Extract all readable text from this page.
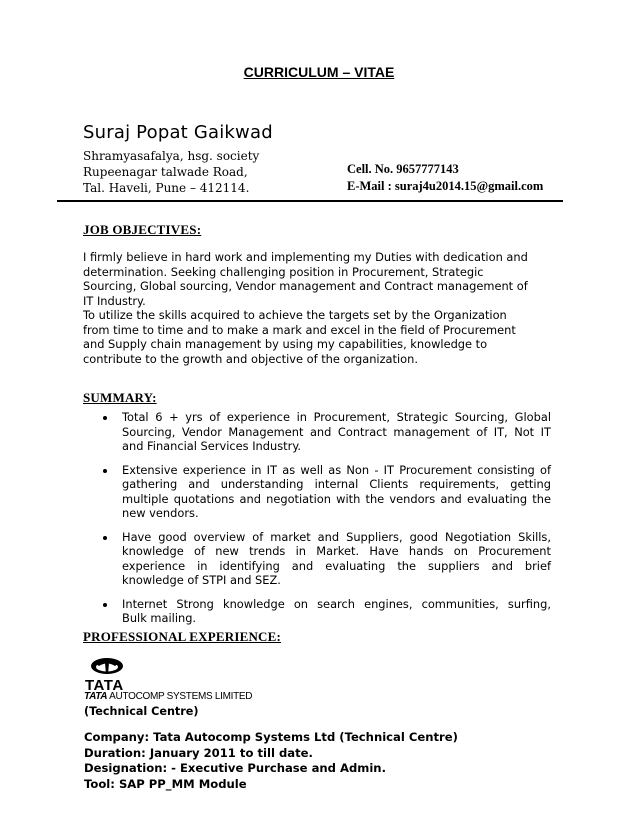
CURRICULUM – VITAE
Suraj Popat Gaikwad
Shramyasafalya, hsg. society
Rupeenagar talwade Road,
Tal. Haveli, Pune – 412114.
Cell. No. 9657777143
E-Mail : suraj4u2014.15@gmail.com
JOB OBJECTIVES:
I firmly believe in hard work and implementing my Duties with dedication and
determination. Seeking challenging position in Procurement, Strategic
Sourcing, Global sourcing, Vendor management and Contract management of
IT Industry.
To utilize the skills acquired to achieve the targets set by the Organization
from time to time and to make a mark and excel in the field of Procurement
and Supply chain management by using my capabilities, knowledge to
contribute to the growth and objective of the organization.
SUMMARY:
Total 6 + yrs of experience in Procurement, Strategic Sourcing, Global
Sourcing, Vendor Management and Contract management of IT, Not IT
and Financial Services Industry.
Extensive experience in IT as well as Non - IT Procurement consisting of
gathering and understanding internal Clients requirements, getting
multiple quotations and negotiation with the vendors and evaluating the
new vendors.
Have good overview of market and Suppliers, good Negotiation Skills,
knowledge of new trends in Market. Have hands on Procurement
experience in identifying and evaluating the suppliers and brief
knowledge of STPI and SEZ.
Internet Strong knowledge on search engines, communities, surfing,
Bulk mailing.
PROFESSIONAL EXPERIENCE:
TATA
TATA AUTOCOMP SYSTEMS LIMITED
(Technical Centre)
Company: Tata Autocomp Systems Ltd (Technical Centre)
Duration: January 2011 to till date.
Designation: - Executive Purchase and Admin.
Tool: SAP PP_MM Module
